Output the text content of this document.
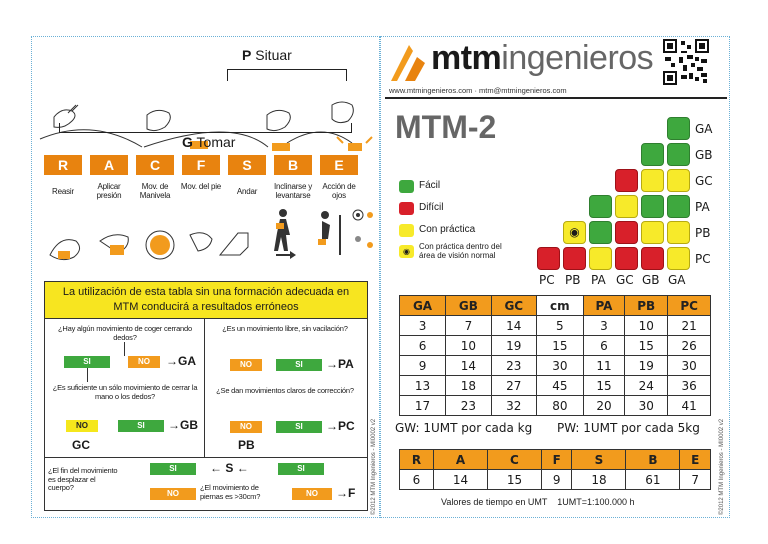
P Situar
G Tomar
R	A	C	F	S	B	E
Reasir
Aplicar presión
Mov. de Manivela
Mov. del pie
Andar
Inclinarse y levantarse
Acción de ojos
La utilización de esta tabla sin una formación adecuada en MTM conducirá a resultados erróneos
¿Hay algún movimiento de coger cerrando dedos?
SI	NO	→GA
¿Es suficiente un sólo movimiento de cerrar la mano o los dedos?
NO	SI	→GB
GC
¿Es un movimiento libre, sin vacilación?
NO	SI	→PA
¿Se dan movimientos claros de corrección?
NO	SI	→PC
PB
¿El fin del movimiento es desplazar el cuerpo?
SI	← S ←	SI
NO
¿El movimiento de piernas es >30cm?	NO	→F	©2012 MTM Ingenieros - MI0002 v2
mtmingenieros
www.mtmingenieros.com · mtm@mtmingenieros.com
MTM-2
Fácil
Difícil
Con práctica
◉
Con práctica dentro del área de visión normal
◉
GA
GB
GC
PA
PB
PC
PC PB PA GC GB GA
GA	GB	GC	cm	PA	PB	PC
3	7	14	5	3	10	21
6	10	19	15	6	15	26
9	14	23	30	11	19	30
13	18	27	45	15	24	36
17	23	32	80	20	30	41
GW: 1UMT por cada kg PW: 1UMT por cada 5kg
R	A	C	F	S	B	E
6	14	15	9	18	61	7
Valores de tiempo en UMT    1UMT=1:100.000 h	©2012 MTM Ingenieros - MI0002 v2
